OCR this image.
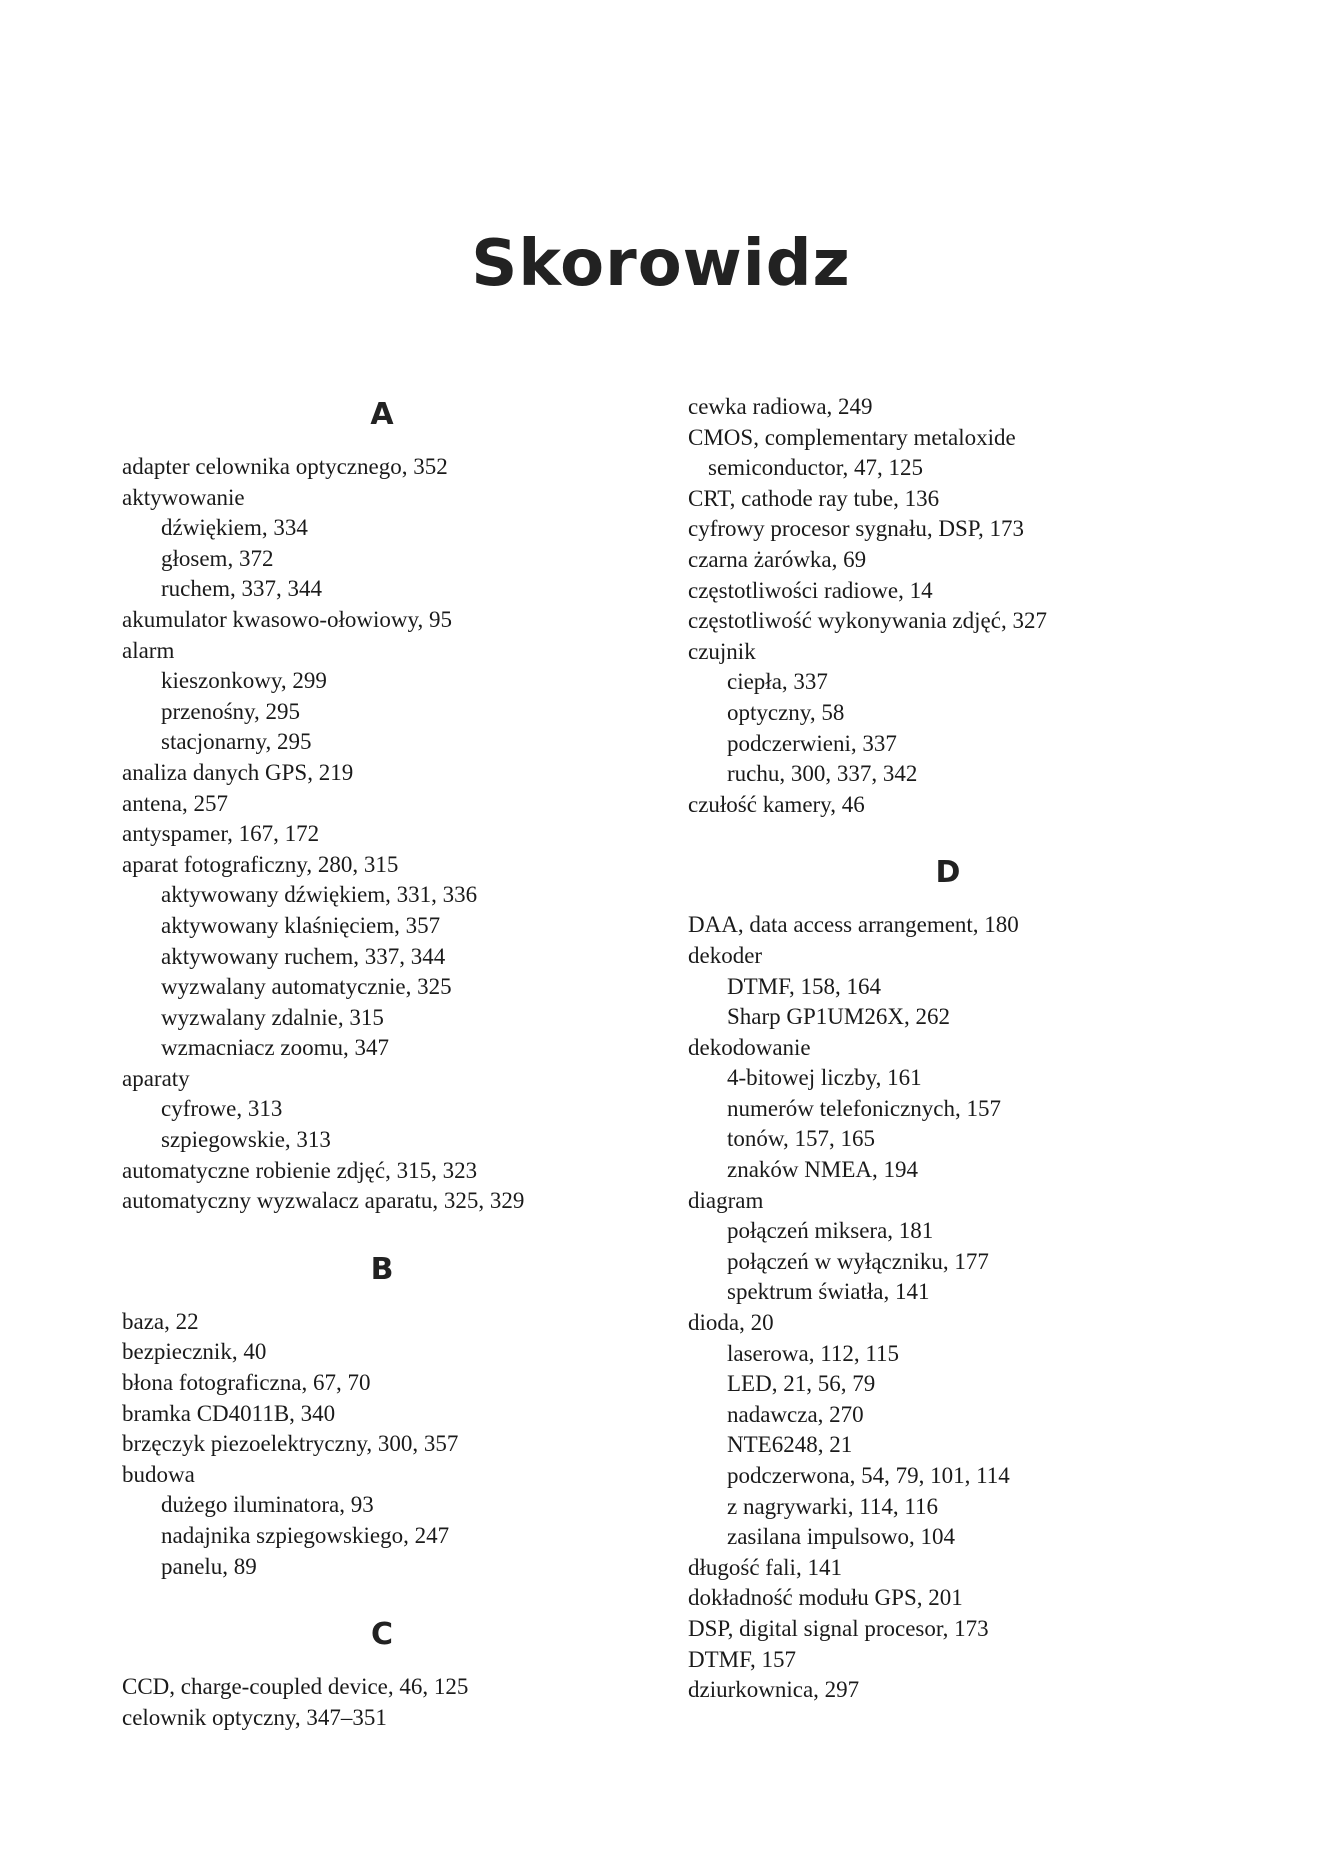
Skorowidz
A
adapter celownika optycznego, 352
aktywowanie
dźwiękiem, 334
głosem, 372
ruchem, 337, 344
akumulator kwasowo-ołowiowy, 95
alarm
kieszonkowy, 299
przenośny, 295
stacjonarny, 295
analiza danych GPS, 219
antena, 257
antyspamer, 167, 172
aparat fotograficzny, 280, 315
aktywowany dźwiękiem, 331, 336
aktywowany klaśnięciem, 357
aktywowany ruchem, 337, 344
wyzwalany automatycznie, 325
wyzwalany zdalnie, 315
wzmacniacz zoomu, 347
aparaty
cyfrowe, 313
szpiegowskie, 313
automatyczne robienie zdjęć, 315, 323
automatyczny wyzwalacz aparatu, 325, 329
B
baza, 22
bezpiecznik, 40
błona fotograficzna, 67, 70
bramka CD4011B, 340
brzęczyk piezoelektryczny, 300, 357
budowa
dużego iluminatora, 93
nadajnika szpiegowskiego, 247
panelu, 89
C
CCD, charge-coupled device, 46, 125
celownik optyczny, 347–351
cewka radiowa, 249
CMOS, complementary metaloxide
semiconductor, 47, 125
CRT, cathode ray tube, 136
cyfrowy procesor sygnału, DSP, 173
czarna żarówka, 69
częstotliwości radiowe, 14
częstotliwość wykonywania zdjęć, 327
czujnik
ciepła, 337
optyczny, 58
podczerwieni, 337
ruchu, 300, 337, 342
czułość kamery, 46
D
DAA, data access arrangement, 180
dekoder
DTMF, 158, 164
Sharp GP1UM26X, 262
dekodowanie
4-bitowej liczby, 161
numerów telefonicznych, 157
tonów, 157, 165
znaków NMEA, 194
diagram
połączeń miksera, 181
połączeń w wyłączniku, 177
spektrum światła, 141
dioda, 20
laserowa, 112, 115
LED, 21, 56, 79
nadawcza, 270
NTE6248, 21
podczerwona, 54, 79, 101, 114
z nagrywarki, 114, 116
zasilana impulsowo, 104
długość fali, 141
dokładność modułu GPS, 201
DSP, digital signal procesor, 173
DTMF, 157
dziurkownica, 297
